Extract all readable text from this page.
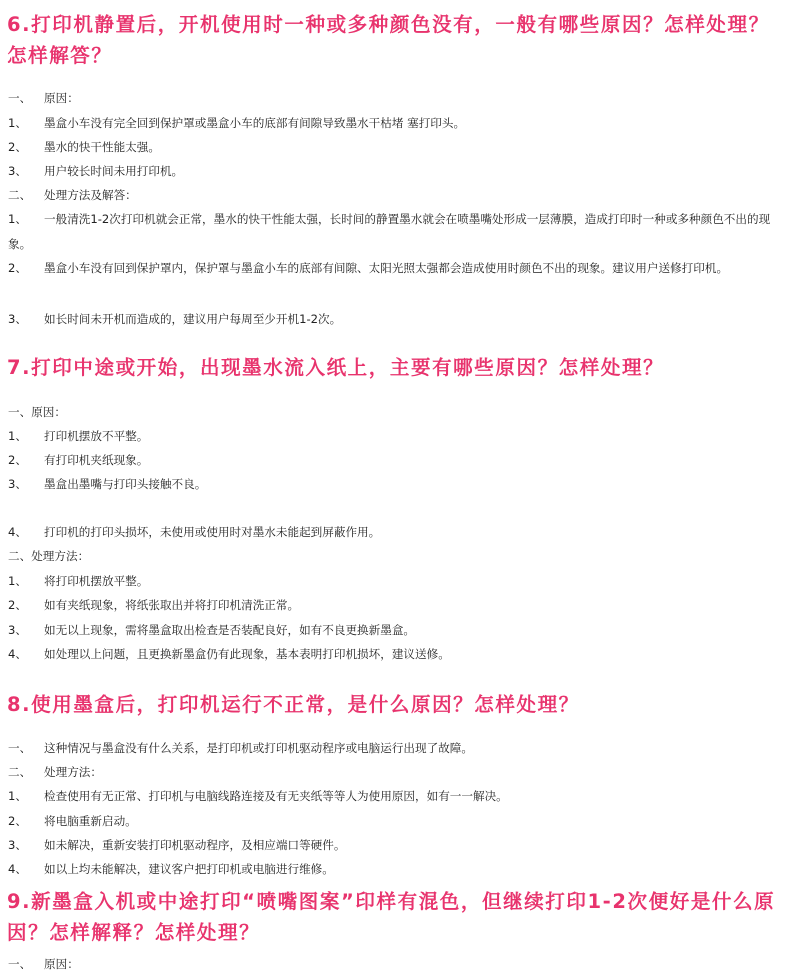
6.打印机静置后，开机使用时一种或多种颜色没有，一般有哪些原因？怎样处理？怎样解答？
一、 原因：
1、 墨盒小车没有完全回到保护罩或墨盒小车的底部有间隙导致墨水干枯堵 塞打印头。
2、 墨水的快干性能太强。
3、 用户较长时间未用打印机。
二、 处理方法及解答：
1、 一般清洗1-2次打印机就会正常，墨水的快干性能太强，长时间的静置墨水就会在喷墨嘴处形成一层薄膜，造成打印时一种或多种颜色不出的现象。
2、 墨盒小车没有回到保护罩内，保护罩与墨盒小车的底部有间隙、太阳光照太强都会造成使用时颜色不出的现象。建议用户送修打印机。
3、 如长时间未开机而造成的，建议用户每周至少开机1-2次。
7.打印中途或开始，出现墨水流入纸上，主要有哪些原因？怎样处理？
一、原因：
1、 打印机摆放不平整。
2、 有打印机夹纸现象。
3、 墨盒出墨嘴与打印头接触不良。
4、 打印机的打印头损坏，未使用或使用时对墨水未能起到屏蔽作用。
二、处理方法：
1、 将打印机摆放平整。
2、 如有夹纸现象，将纸张取出并将打印机清洗正常。
3、 如无以上现象，需将墨盒取出检查是否装配良好，如有不良更换新墨盒。
4、 如处理以上问题，且更换新墨盒仍有此现象，基本表明打印机损坏，建议送修。
8.使用墨盒后，打印机运行不正常，是什么原因？怎样处理？
一、 这种情况与墨盒没有什么关系，是打印机或打印机驱动程序或电脑运行出现了故障。
二、 处理方法：
1、 检查使用有无正常、打印机与电脑线路连接及有无夹纸等等人为使用原因，如有一一解决。
2、 将电脑重新启动。
3、 如未解决，重新安装打印机驱动程序，及相应端口等硬件。
4、 如以上均未能解决，建议客户把打印机或电脑进行维修。
9.新墨盒入机或中途打印“喷嘴图案”印样有混色，但继续打印1-2次便好是什么原因？怎样解释？怎样处理？
一、 原因：
